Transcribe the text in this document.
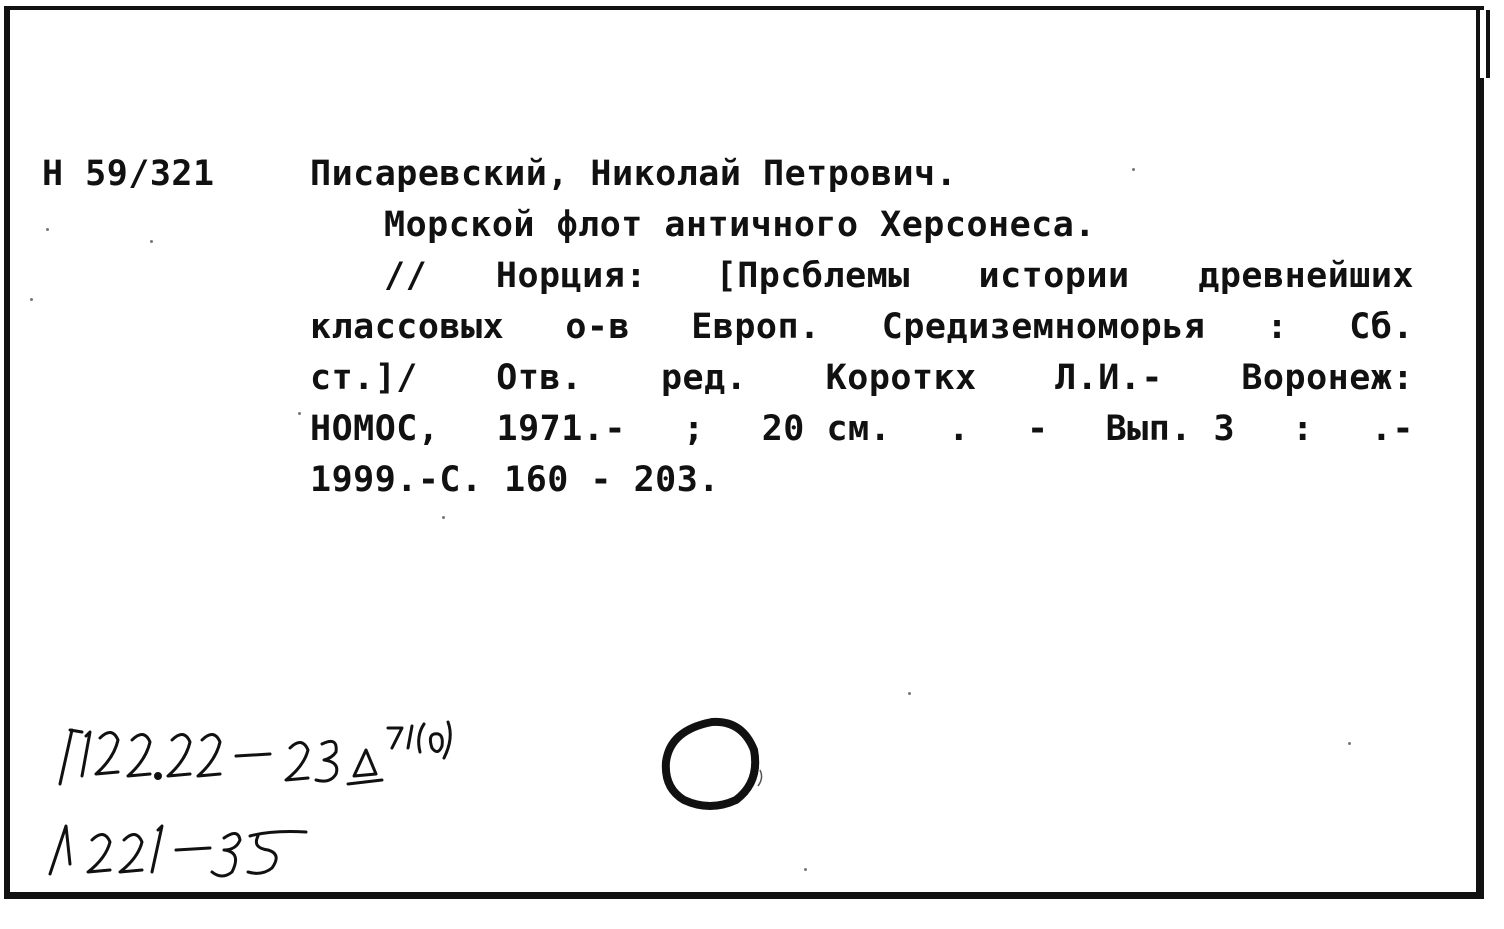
Н 59/321	Писаревский, Николай Петрович.
Морской флот античного Херсонеса.
// Норция: [Прсблемы истории древнейших
классовых о-в Европ. Средиземноморья : Сб.
ст.]/ Отв. ред. Короткх Л.И.- Воронеж:
НОМОС, 1971.- ; 20 см. . - Вып. 3 : .-
1999.-С. 160 - 203.
